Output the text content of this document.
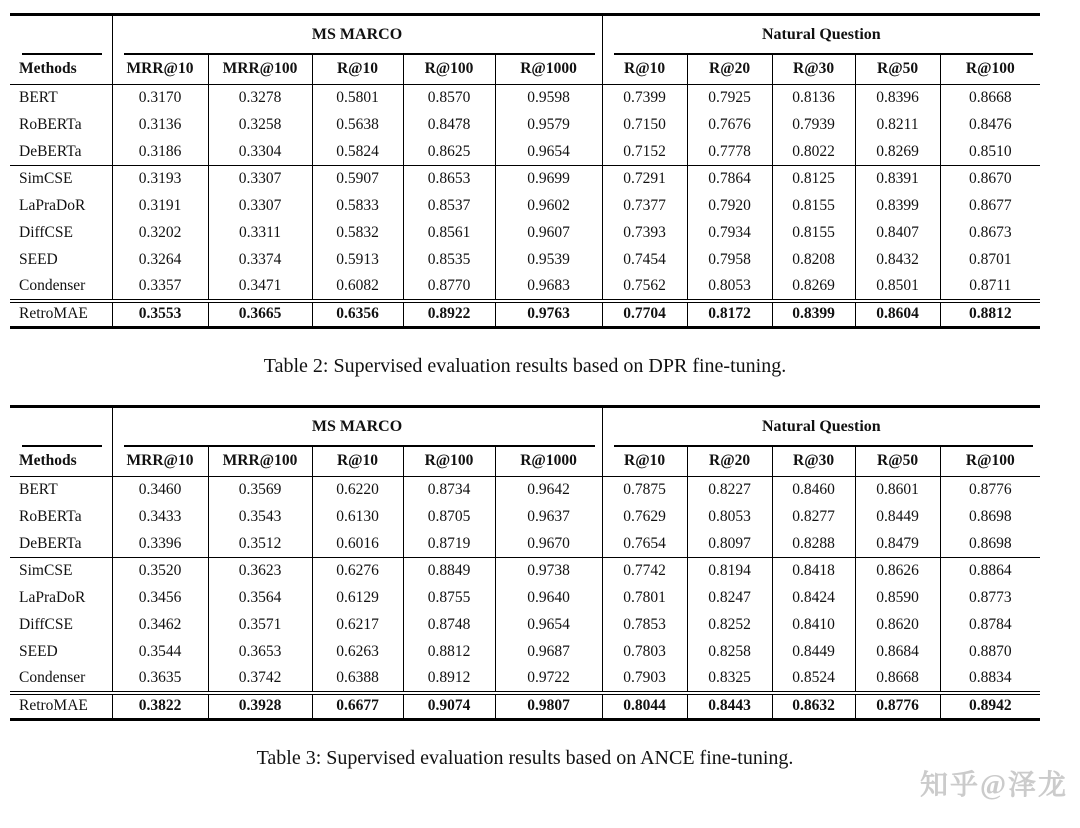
	MS MARCO					Natural Question				
Methods	MRR@10	MRR@100	R@10	R@100	R@1000	R@10	R@20	R@30	R@50	R@100
BERT	0.3170	0.3278	0.5801	0.8570	0.9598	0.7399	0.7925	0.8136	0.8396	0.8668
RoBERTa	0.3136	0.3258	0.5638	0.8478	0.9579	0.7150	0.7676	0.7939	0.8211	0.8476
DeBERTa	0.3186	0.3304	0.5824	0.8625	0.9654	0.7152	0.7778	0.8022	0.8269	0.8510
SimCSE	0.3193	0.3307	0.5907	0.8653	0.9699	0.7291	0.7864	0.8125	0.8391	0.8670
LaPraDoR	0.3191	0.3307	0.5833	0.8537	0.9602	0.7377	0.7920	0.8155	0.8399	0.8677
DiffCSE	0.3202	0.3311	0.5832	0.8561	0.9607	0.7393	0.7934	0.8155	0.8407	0.8673
SEED	0.3264	0.3374	0.5913	0.8535	0.9539	0.7454	0.7958	0.8208	0.8432	0.8701
Condenser	0.3357	0.3471	0.6082	0.8770	0.9683	0.7562	0.8053	0.8269	0.8501	0.8711
RetroMAE	0.3553	0.3665	0.6356	0.8922	0.9763	0.7704	0.8172	0.8399	0.8604	0.8812
Table 2: Supervised evaluation results based on DPR fine-tuning.
	MS MARCO					Natural Question				
Methods	MRR@10	MRR@100	R@10	R@100	R@1000	R@10	R@20	R@30	R@50	R@100
BERT	0.3460	0.3569	0.6220	0.8734	0.9642	0.7875	0.8227	0.8460	0.8601	0.8776
RoBERTa	0.3433	0.3543	0.6130	0.8705	0.9637	0.7629	0.8053	0.8277	0.8449	0.8698
DeBERTa	0.3396	0.3512	0.6016	0.8719	0.9670	0.7654	0.8097	0.8288	0.8479	0.8698
SimCSE	0.3520	0.3623	0.6276	0.8849	0.9738	0.7742	0.8194	0.8418	0.8626	0.8864
LaPraDoR	0.3456	0.3564	0.6129	0.8755	0.9640	0.7801	0.8247	0.8424	0.8590	0.8773
DiffCSE	0.3462	0.3571	0.6217	0.8748	0.9654	0.7853	0.8252	0.8410	0.8620	0.8784
SEED	0.3544	0.3653	0.6263	0.8812	0.9687	0.7803	0.8258	0.8449	0.8684	0.8870
Condenser	0.3635	0.3742	0.6388	0.8912	0.9722	0.7903	0.8325	0.8524	0.8668	0.8834
RetroMAE	0.3822	0.3928	0.6677	0.9074	0.9807	0.8044	0.8443	0.8632	0.8776	0.8942
Table 3: Supervised evaluation results based on ANCE fine-tuning.
知乎@泽龙
